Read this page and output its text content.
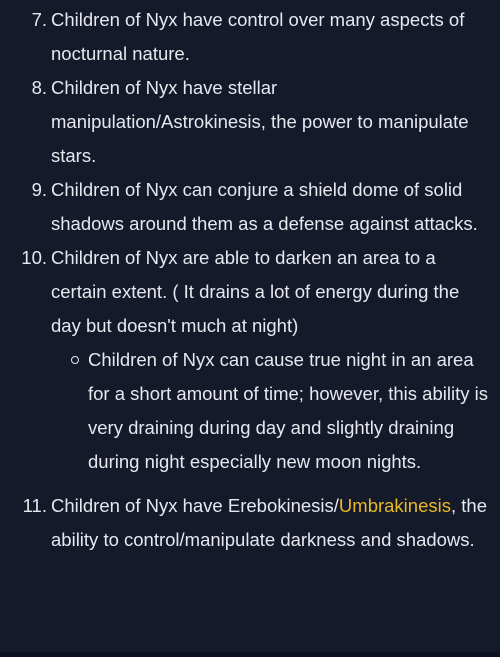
7. Children of Nyx have control over many aspects of nocturnal nature.
8. Children of Nyx have stellar manipulation/Astrokinesis, the power to manipulate stars.
9. Children of Nyx can conjure a shield dome of solid shadows around them as a defense against attacks.
10. Children of Nyx are able to darken an area to a certain extent. ( It drains a lot of energy during the day but doesn't much at night)
Children of Nyx can cause true night in an area for a short amount of time; however, this ability is very draining during day and slightly draining during night especially new moon nights.
11. Children of Nyx have Erebokinesis/Umbrakinesis, the ability to control/manipulate darkness and shadows.
